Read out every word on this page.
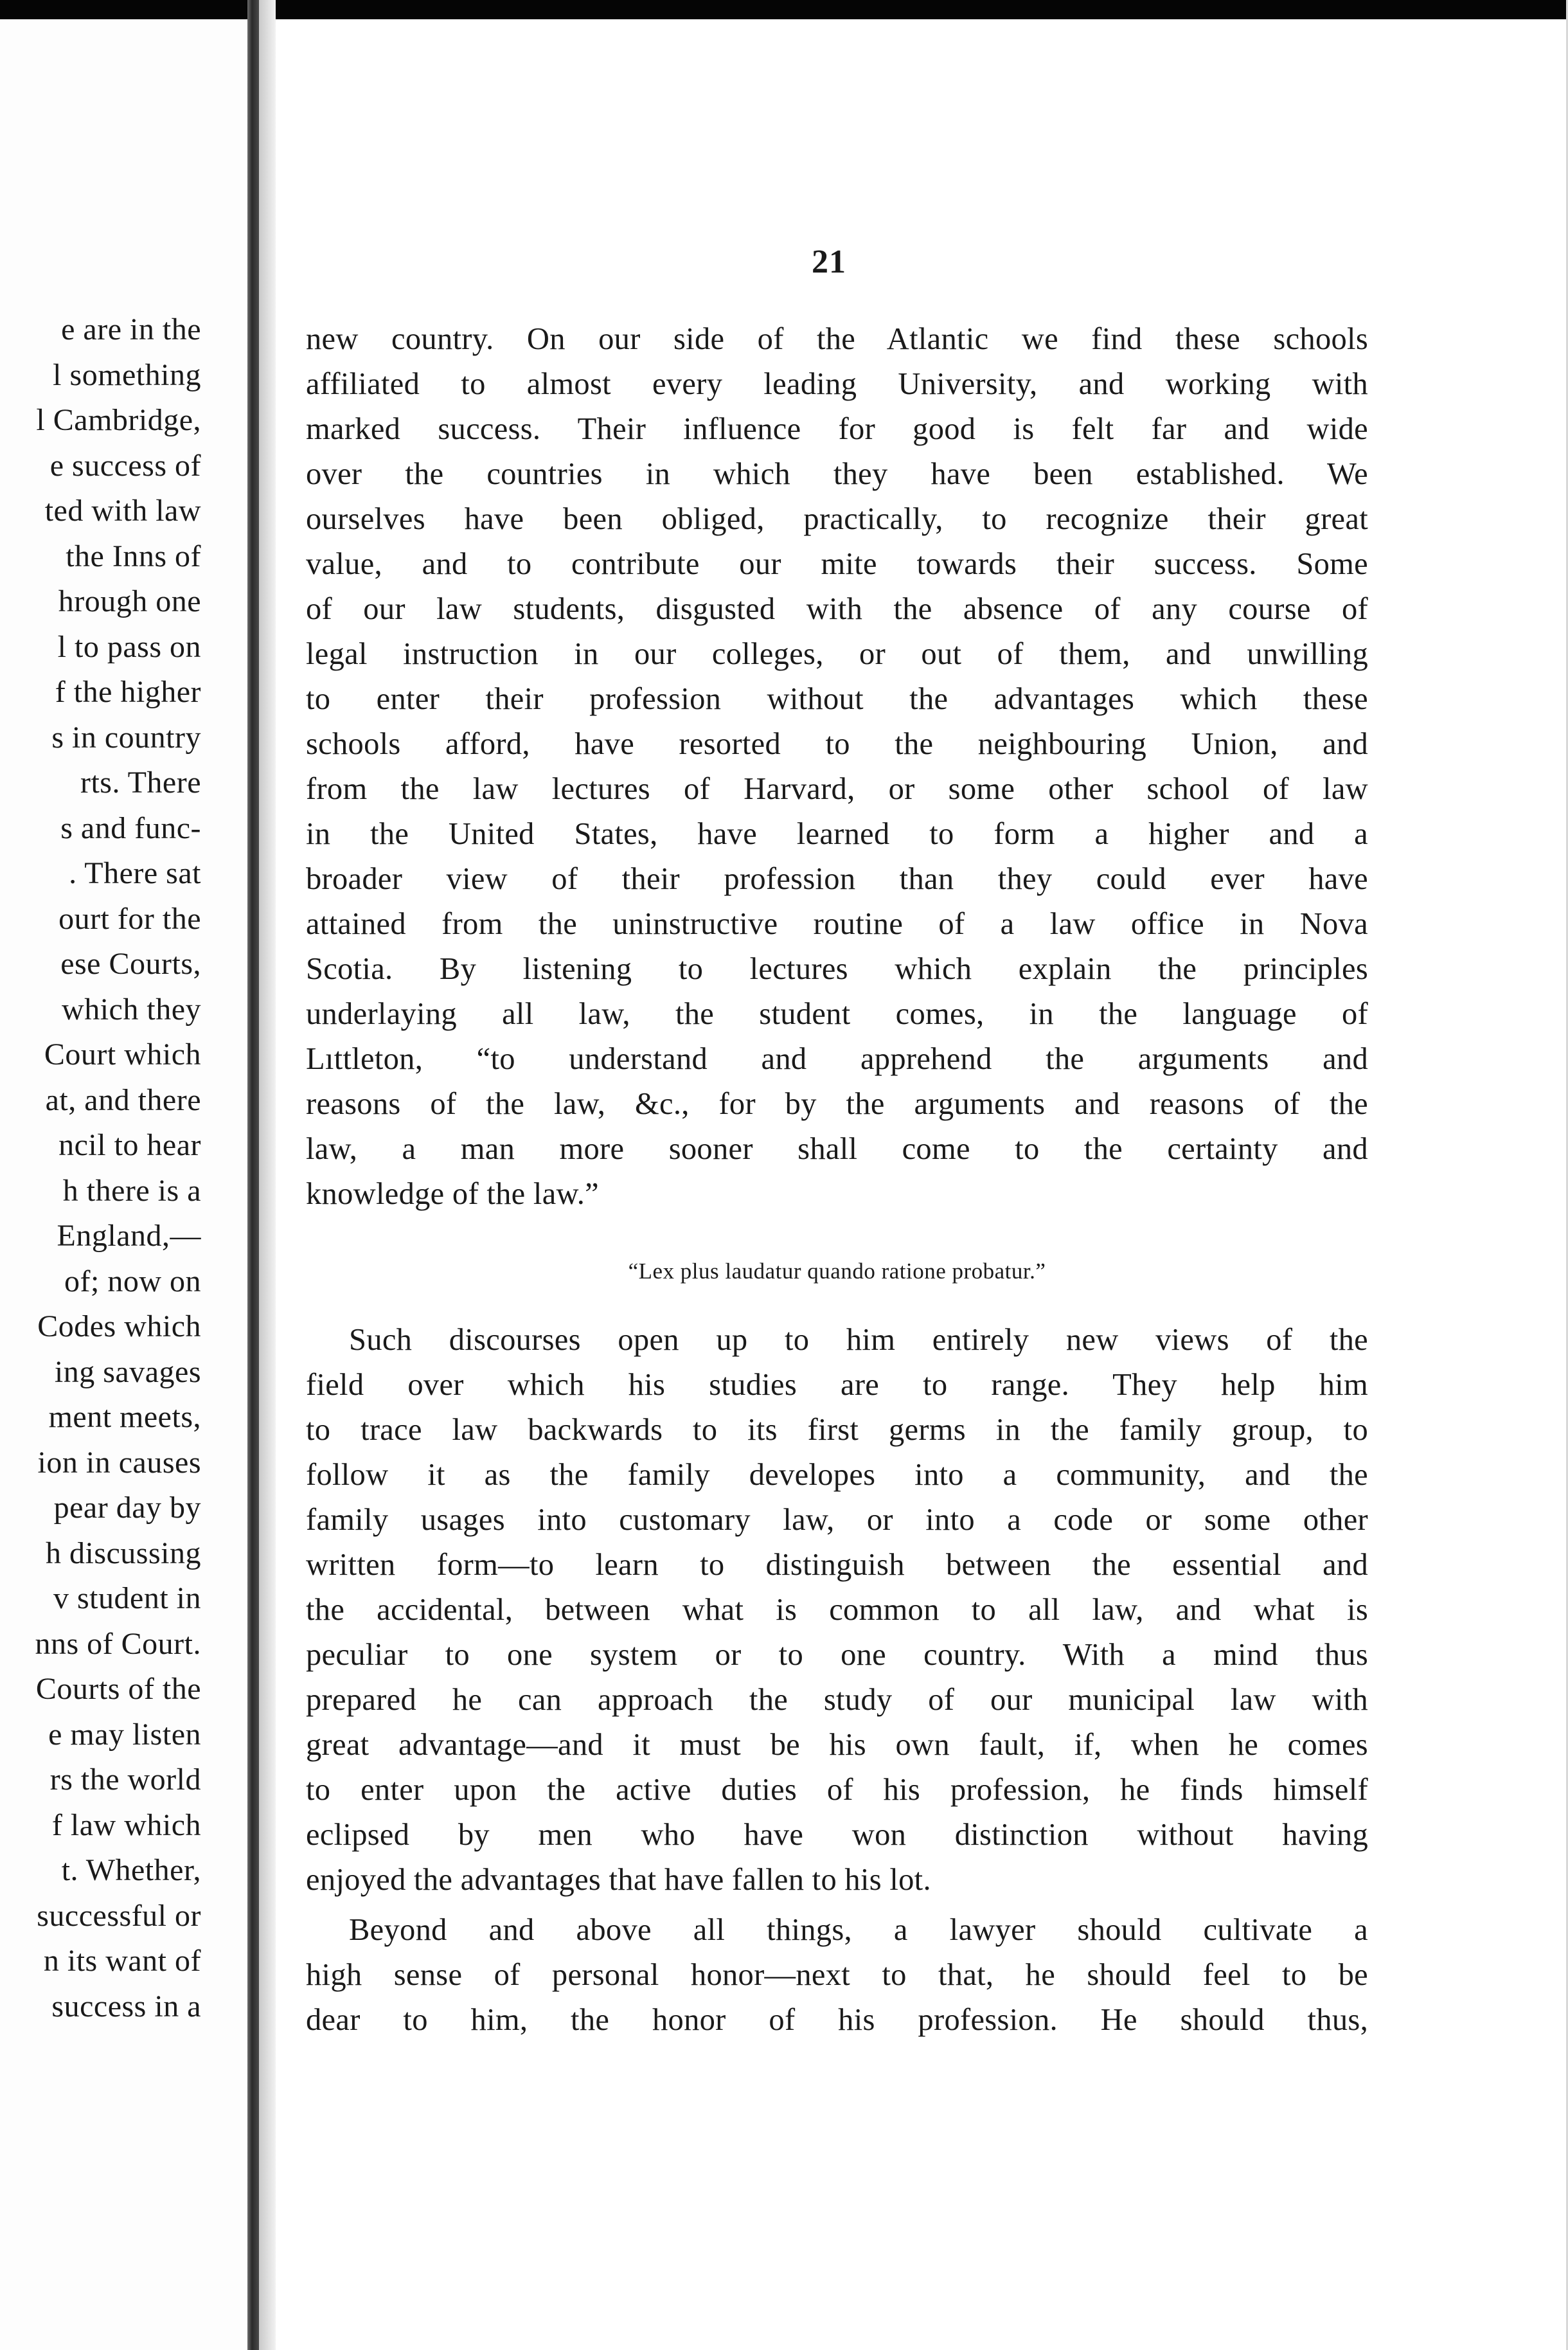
e are in the
l something
l Cambridge,
e success of
ted with law
the Inns of
hrough one
l to pass on
f the higher
s in country
rts. There
s and func-
. There sat
ourt for the
ese Courts,
which they
Court which
at, and there
ncil to hear
h there is a
England,—
of; now on
Codes which
ing savages
ment meets,
ion in causes
pear day by
h discussing
v student in
nns of Court.
Courts of the
e may listen
rs the world
f law which
t. Whether,
successful or
n its want of
success in a
21
new country. On our side of the Atlantic we find these schools
affiliated to almost every leading University, and working with
marked success. Their influence for good is felt far and wide
over the countries in which they have been established. We
ourselves have been obliged, practically, to recognize their great
value, and to contribute our mite towards their success. Some
of our law students, disgusted with the absence of any course of
legal instruction in our colleges, or out of them, and unwilling
to enter their profession without the advantages which these
schools afford, have resorted to the neighbouring Union, and
from the law lectures of Harvard, or some other school of law
in the United States, have learned to form a higher and a
broader view of their profession than they could ever have
attained from the uninstructive routine of a law office in Nova
Scotia. By listening to lectures which explain the principles
underlaying all law, the student comes, in the language of
Lıttleton, “to understand and apprehend the arguments and
reasons of the law, &c., for by the arguments and reasons of the
law, a man more sooner shall come to the certainty and
knowledge of the law.”
“Lex plus laudatur quando ratione probatur.”
Such discourses open up to him entirely new views of the
field over which his studies are to range. They help him
to trace law backwards to its first germs in the family group, to
follow it as the family developes into a community, and the
family usages into customary law, or into a code or some other
written form—to learn to distinguish between the essential and
the accidental, between what is common to all law, and what is
peculiar to one system or to one country. With a mind thus
prepared he can approach the study of our municipal law with
great advantage—and it must be his own fault, if, when he comes
to enter upon the active duties of his profession, he finds himself
eclipsed by men who have won distinction without having
enjoyed the advantages that have fallen to his lot.
Beyond and above all things, a lawyer should cultivate a
high sense of personal honor—next to that, he should feel to be
dear to him, the honor of his profession. He should thus,
